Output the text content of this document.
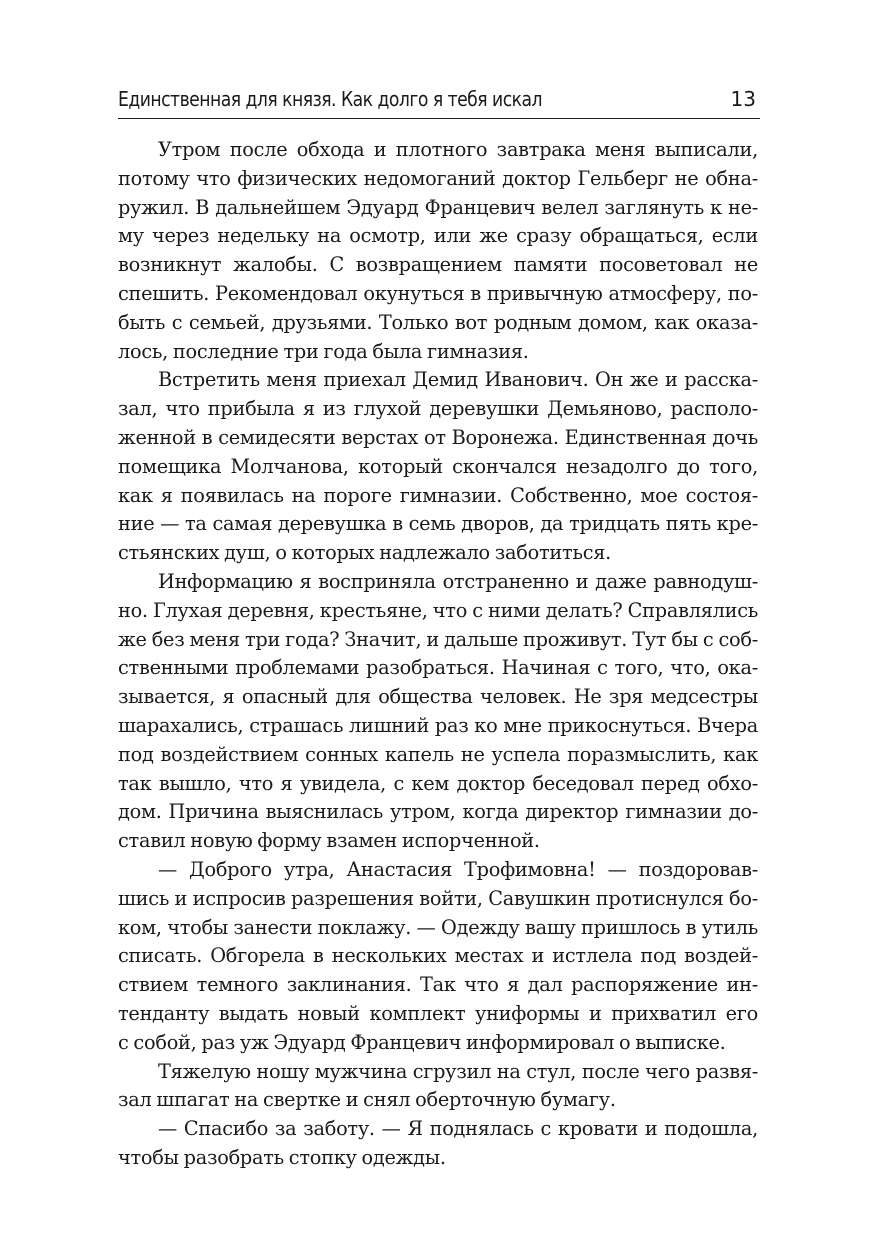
Единственная для князя. Как долго я тебя искал	13
Утром после обхода и плотного завтрака меня выписали,
потому что физических недомоганий доктор Гельберг не обна-
ружил. В дальнейшем Эдуард Францевич велел заглянуть к не-
му через недельку на осмотр, или же сразу обращаться, если
возникнут жалобы. С возвращением памяти посоветовал не
спешить. Рекомендовал окунуться в привычную атмосферу, по-
быть с семьей, друзьями. Только вот родным домом, как оказа-
лось, последние три года была гимназия.
Встретить меня приехал Демид Иванович. Он же и расска-
зал, что прибыла я из глухой деревушки Демьяново, располо-
женной в семидесяти верстах от Воронежа. Единственная дочь
помещика Молчанова, который скончался незадолго до того,
как я появилась на пороге гимназии. Собственно, мое состоя-
ние — та самая деревушка в семь дворов, да тридцать пять кре-
стьянских душ, о которых надлежало заботиться.
Информацию я восприняла отстраненно и даже равнодуш-
но. Глухая деревня, крестьяне, что с ними делать? Справлялись
же без меня три года? Значит, и дальше проживут. Тут бы с соб-
ственными проблемами разобраться. Начиная с того, что, ока-
зывается, я опасный для общества человек. Не зря медсестры
шарахались, страшась лишний раз ко мне прикоснуться. Вчера
под воздействием сонных капель не успела поразмыслить, как
так вышло, что я увидела, с кем доктор беседовал перед обхо-
дом. Причина выяснилась утром, когда директор гимназии до-
ставил новую форму взамен испорченной.
— Доброго утра, Анастасия Трофимовна! — поздоровав-
шись и испросив разрешения войти, Савушкин протиснулся бо-
ком, чтобы занести поклажу. — Одежду вашу пришлось в утиль
списать. Обгорела в нескольких местах и истлела под воздей-
ствием темного заклинания. Так что я дал распоряжение ин-
тенданту выдать новый комплект униформы и прихватил его
с собой, раз уж Эдуард Францевич информировал о выписке.
Тяжелую ношу мужчина сгрузил на стул, после чего развя-
зал шпагат на свертке и снял оберточную бумагу.
— Спасибо за заботу. — Я поднялась с кровати и подошла,
чтобы разобрать стопку одежды.
